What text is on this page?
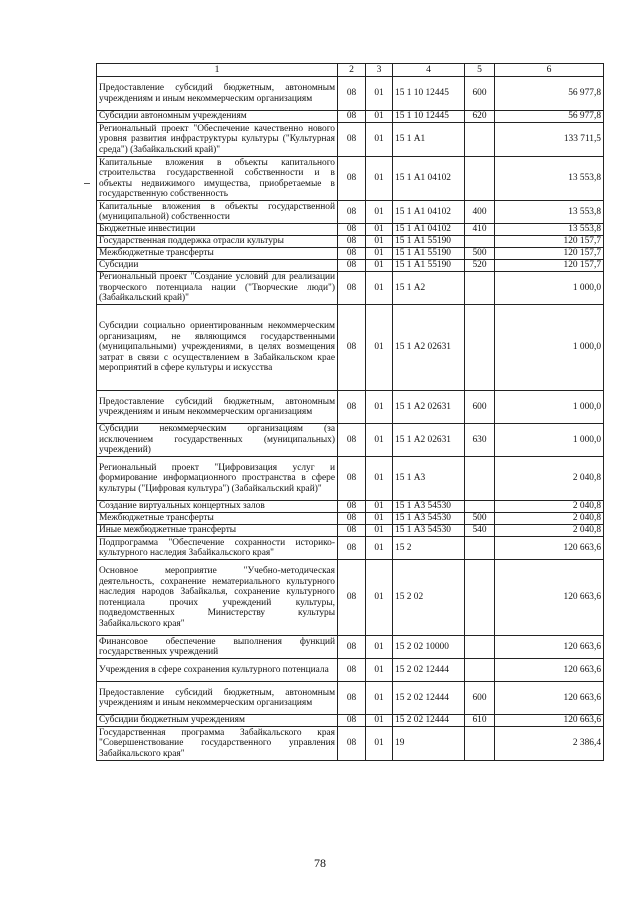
1	2	3	4	5	6
Предоставление субсидий бюджетным, автономным учреждениям и иным некоммерческим организациям	08	01	15 1 10 12445	600	56 977,8
Субсидии автономным учреждениям	08	01	15 1 10 12445	620	56 977,8
Региональный проект "Обеспечение качественно нового уровня развития инфраструктуры культуры ("Культурная среда") (Забайкальский край)"	08	01	15 1 А1		133 711,5
Капитальные вложения в объекты капитального строительства государственной собственности и в объекты недвижимого имущества, приобретаемые в государственную собственность	08	01	15 1 А1 04102		13 553,8
Капитальные вложения в объекты государственной (муниципальной) собственности	08	01	15 1 А1 04102	400	13 553,8
Бюджетные инвестиции	08	01	15 1 А1 04102	410	13 553,8
Государственная поддержка отрасли культуры	08	01	15 1 А1 55190		120 157,7
Межбюджетные трансферты	08	01	15 1 А1 55190	500	120 157,7
Субсидии	08	01	15 1 А1 55190	520	120 157,7
Региональный проект "Создание условий для реализации творческого потенциала нации ("Творческие люди") (Забайкальский край)"	08	01	15 1 А2		1 000,0
Субсидии социально ориентированным некоммерческим организациям, не являющимся государственными (муниципальными) учреждениями, в целях возмещения затрат в связи с осуществлением в Забайкальском крае мероприятий в сфере культуры и искусства	08	01	15 1 А2 02631		1 000,0
Предоставление субсидий бюджетным, автономным учреждениям и иным некоммерческим организациям	08	01	15 1 А2 02631	600	1 000,0
Субсидии некоммерческим организациям (за исключением государственных (муниципальных) учреждений)	08	01	15 1 А2 02631	630	1 000,0
Региональный проект "Цифровизация услуг и формирование информационного пространства в сфере культуры ("Цифровая культура") (Забайкальский край)"	08	01	15 1 А3		2 040,8
Создание виртуальных концертных залов	08	01	15 1 А3 54530		2 040,8
Межбюджетные трансферты	08	01	15 1 А3 54530	500	2 040,8
Иные межбюджетные трансферты	08	01	15 1 А3 54530	540	2 040,8
Подпрограмма "Обеспечение сохранности историко-культурного наследия Забайкальского края"	08	01	15 2		120 663,6
Основное мероприятие "Учебно-методическая деятельность, сохранение нематериального культурного наследия народов Забайкалья, сохранение культурного потенциала прочих учреждений культуры, подведомственных Министерству культуры Забайкальского края"	08	01	15 2 02		120 663,6
Финансовое обеспечение выполнения функций государственных учреждений	08	01	15 2 02 10000		120 663,6
Учреждения в сфере сохранения культурного потенциала	08	01	15 2 02 12444		120 663,6
Предоставление субсидий бюджетным, автономным учреждениям и иным некоммерческим организациям	08	01	15 2 02 12444	600	120 663,6
Субсидии бюджетным учреждениям	08	01	15 2 02 12444	610	120 663,6
Государственная программа Забайкальского края "Совершенствование государственного управления Забайкальского края"	08	01	19		2 386,4
78
